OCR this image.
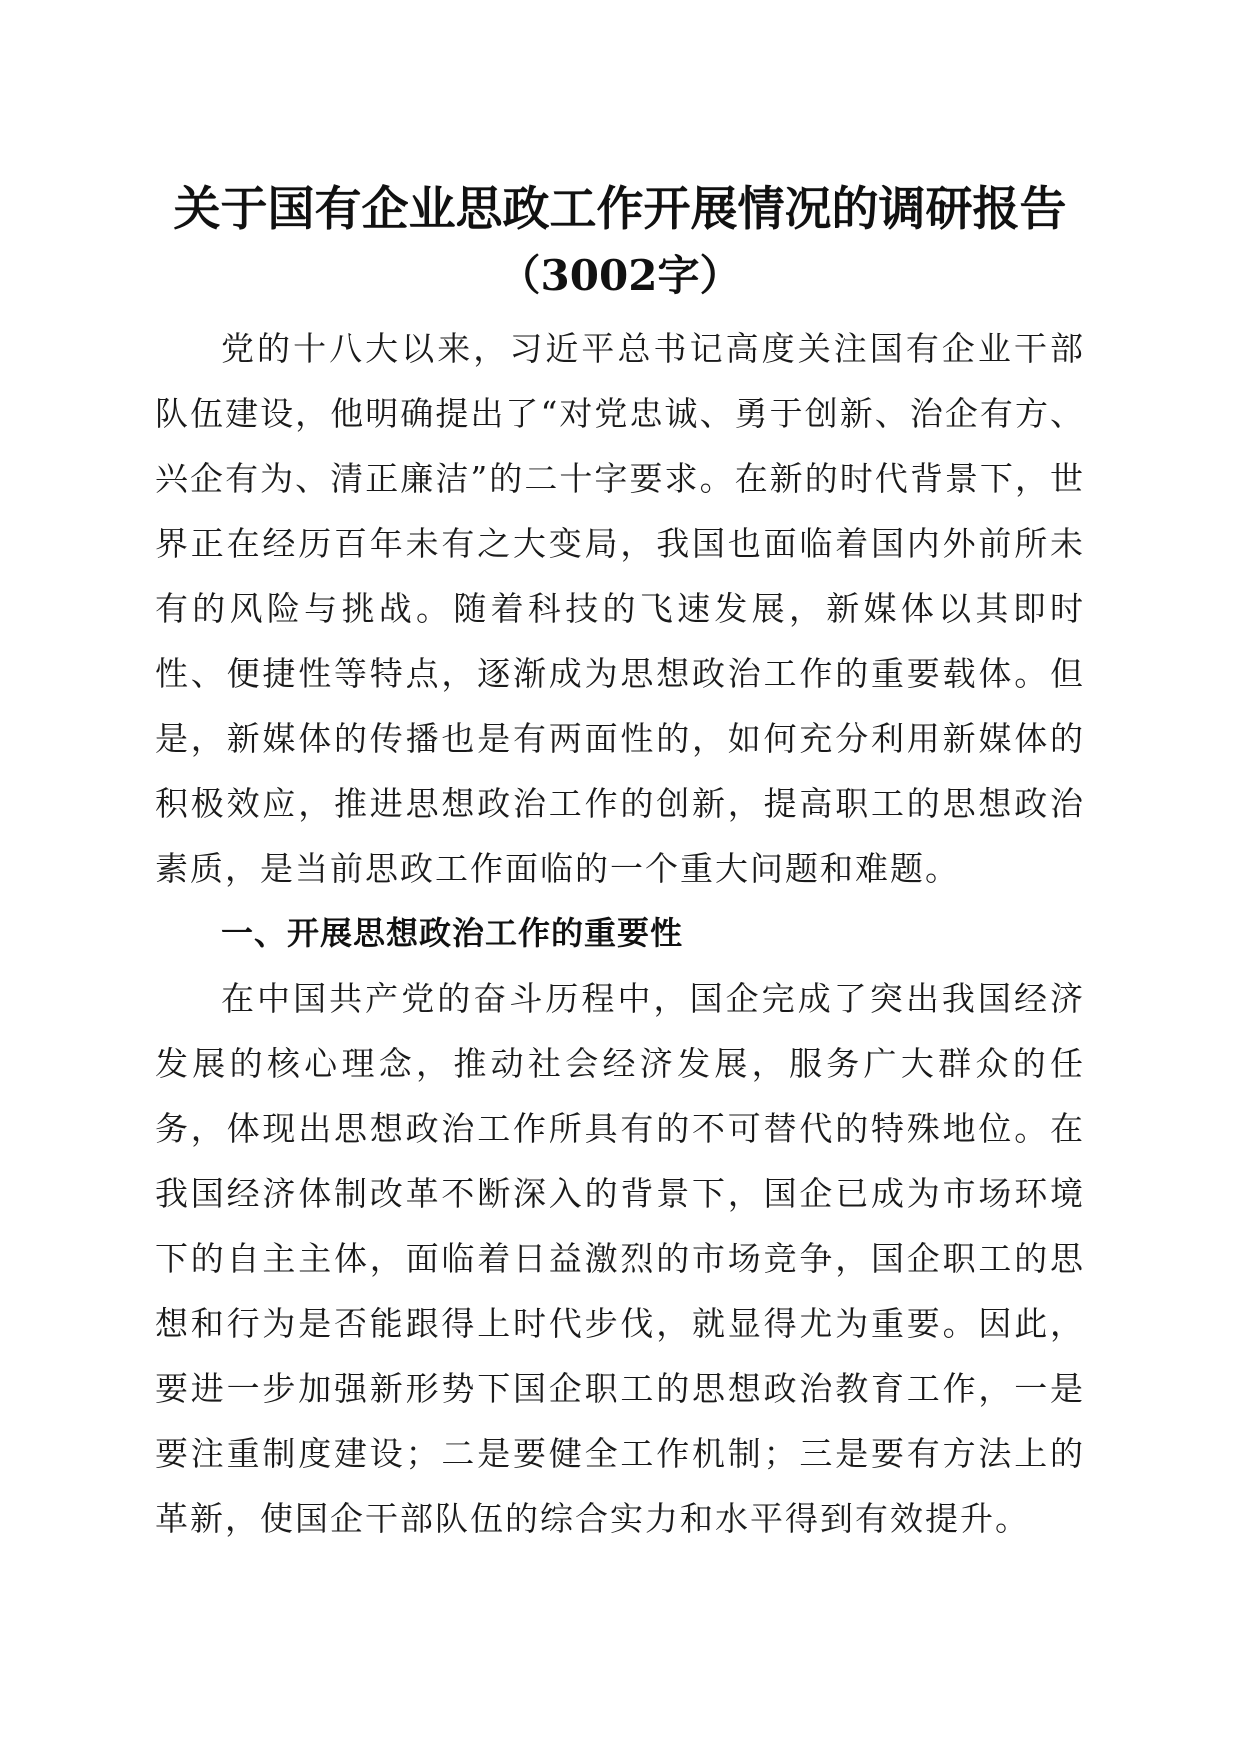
关于国有企业思政工作开展情况的调研报告
（3002字）

党的十八大以来，习近平总书记高度关注国有企业干部队伍建设，他明确提出了“对党忠诚、勇于创新、治企有方、兴企有为、清正廉洁”的二十字要求。在新的时代背景下，世界正在经历百年未有之大变局，我国也面临着国内外前所未有的风险与挑战。随着科技的飞速发展，新媒体以其即时性、便捷性等特点，逐渐成为思想政治工作的重要载体。但是，新媒体的传播也是有两面性的，如何充分利用新媒体的积极效应，推进思想政治工作的创新，提高职工的思想政治素质，是当前思政工作面临的一个重大问题和难题。

一、开展思想政治工作的重要性

在中国共产党的奋斗历程中，国企完成了突出我国经济发展的核心理念，推动社会经济发展，服务广大群众的任务，体现出思想政治工作所具有的不可替代的特殊地位。在我国经济体制改革不断深入的背景下，国企已成为市场环境下的自主主体，面临着日益激烈的市场竞争，国企职工的思想和行为是否能跟得上时代步伐，就显得尤为重要。因此，要进一步加强新形势下国企职工的思想政治教育工作，一是要注重制度建设；二是要健全工作机制；三是要有方法上的革新，使国企干部队伍的综合实力和水平得到有效提升。
